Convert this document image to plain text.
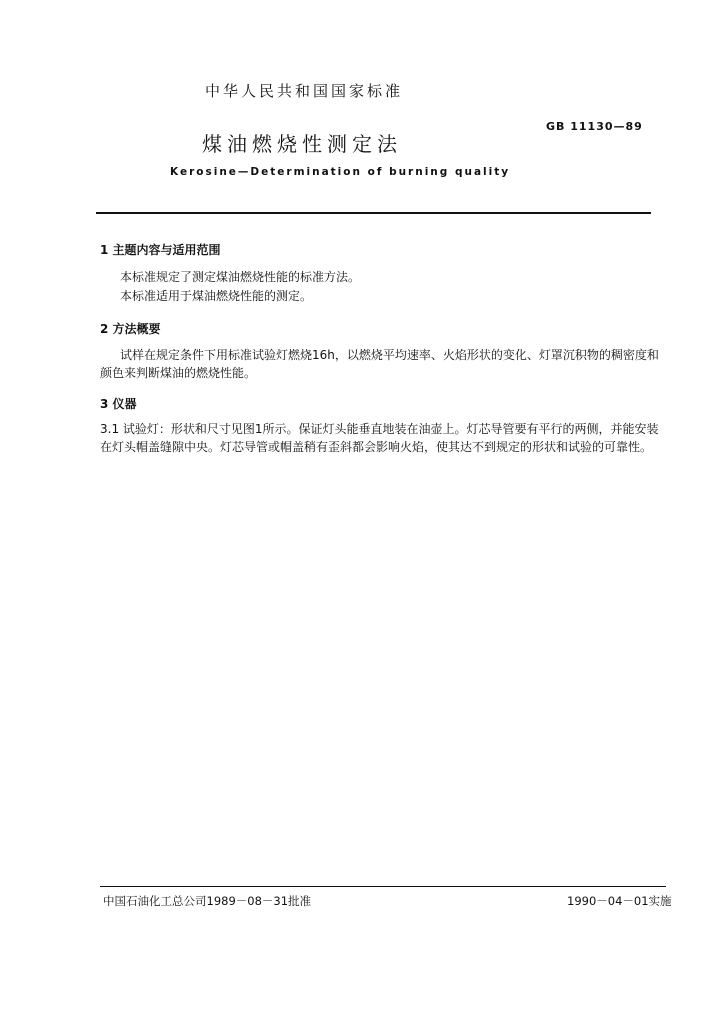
中华人民共和国国家标准
煤油燃烧性测定法
GB 11130—89
Kerosine—Determination of burning quality
1 主题内容与适用范围
本标准规定了测定煤油燃烧性能的标准方法。
本标准适用于煤油燃烧性能的测定。
2 方法概要
试样在规定条件下用标准试验灯燃烧16h，以燃烧平均速率、火焰形状的变化、灯罩沉积物的稠密度和颜色来判断煤油的燃烧性能。
3 仪器
3.1 试验灯：形状和尺寸见图1所示。保证灯头能垂直地装在油壶上。灯芯导管要有平行的两侧，并能安装在灯头帽盖缝隙中央。灯芯导管或帽盖稍有歪斜都会影响火焰，使其达不到规定的形状和试验的可靠性。
中国石油化工总公司1989－08－31批准	1990－04－01实施
